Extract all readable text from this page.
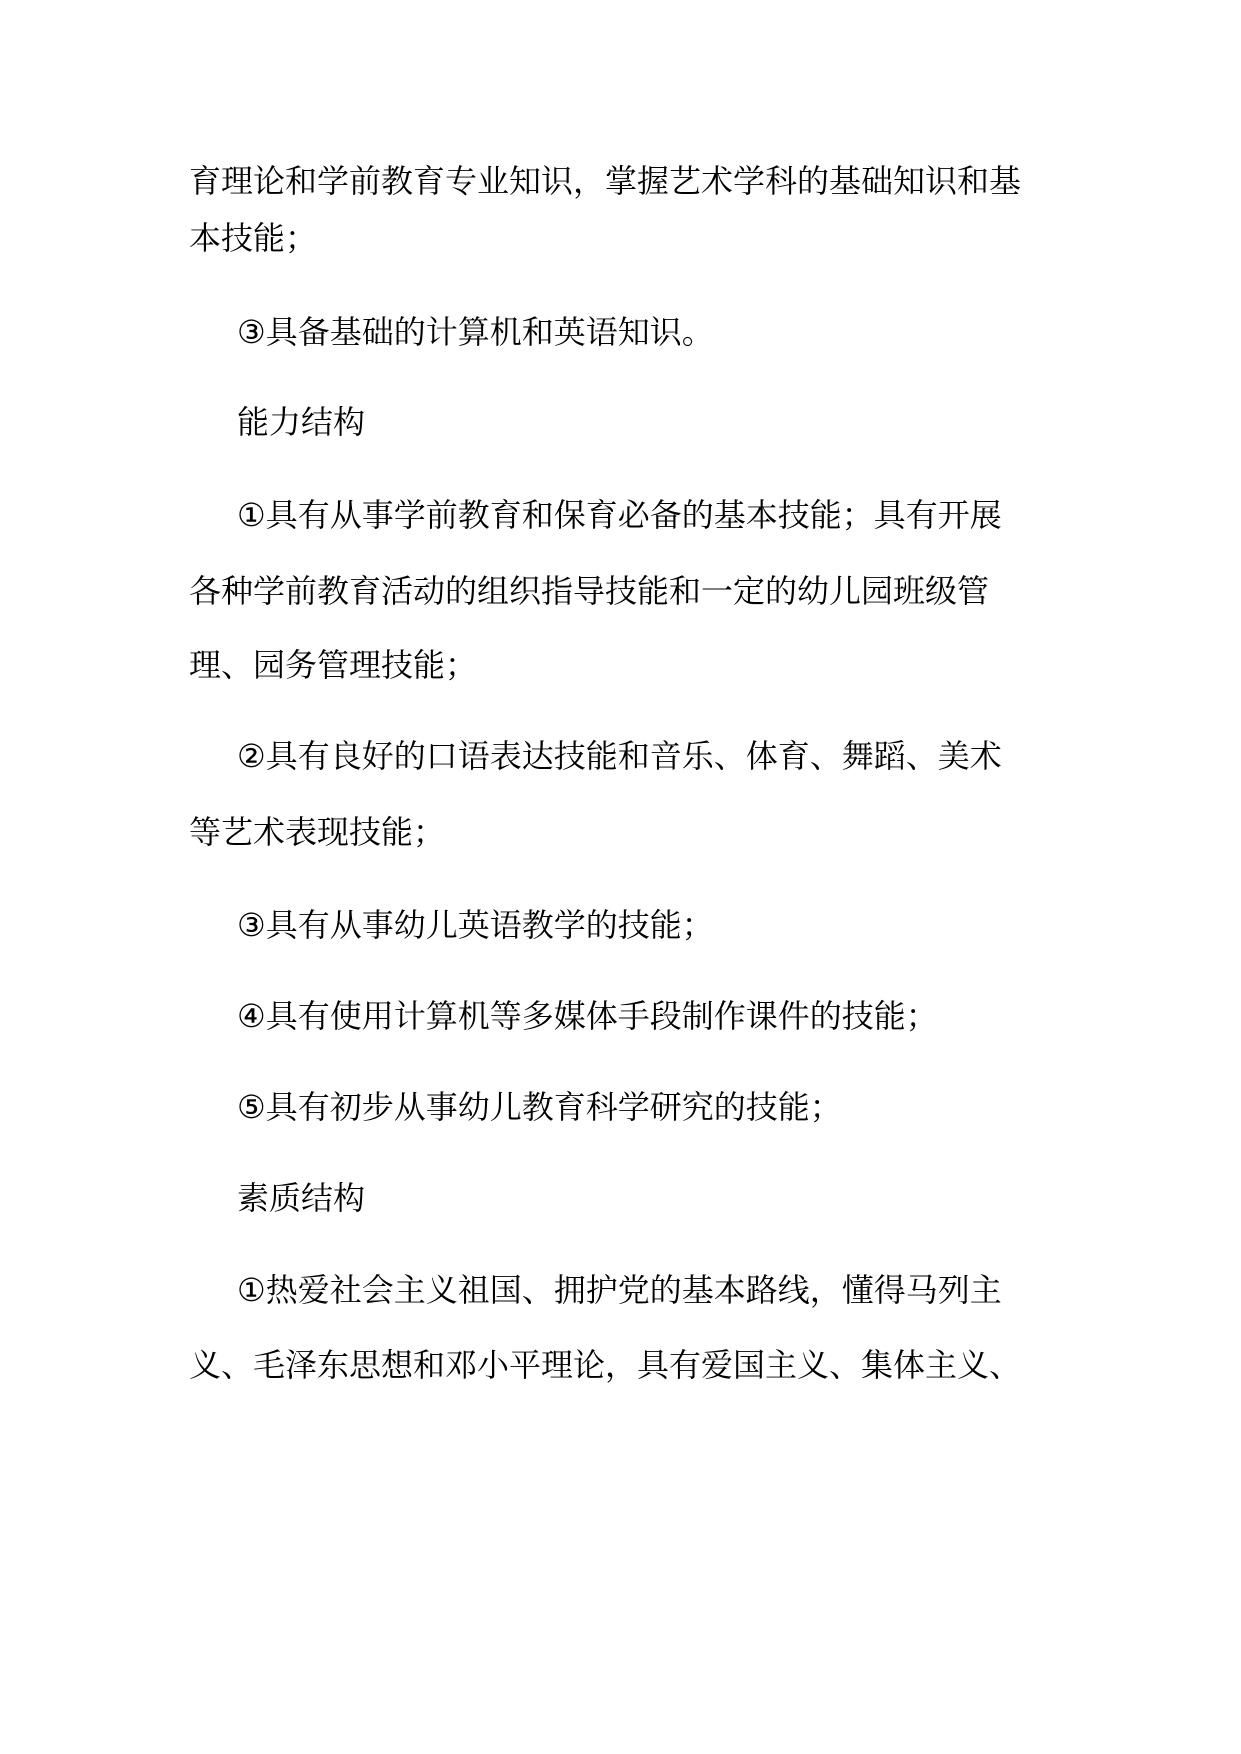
育理论和学前教育专业知识，掌握艺术学科的基础知识和基
本技能；
③具备基础的计算机和英语知识。
能力结构
①具有从事学前教育和保育必备的基本技能；具有开展
各种学前教育活动的组织指导技能和一定的幼儿园班级管
理、园务管理技能；
②具有良好的口语表达技能和音乐、体育、舞蹈、美术
等艺术表现技能；
③具有从事幼儿英语教学的技能；
④具有使用计算机等多媒体手段制作课件的技能；
⑤具有初步从事幼儿教育科学研究的技能；
素质结构
①热爱社会主义祖国、拥护党的基本路线，懂得马列主
义、毛泽东思想和邓小平理论，具有爱国主义、集体主义、
